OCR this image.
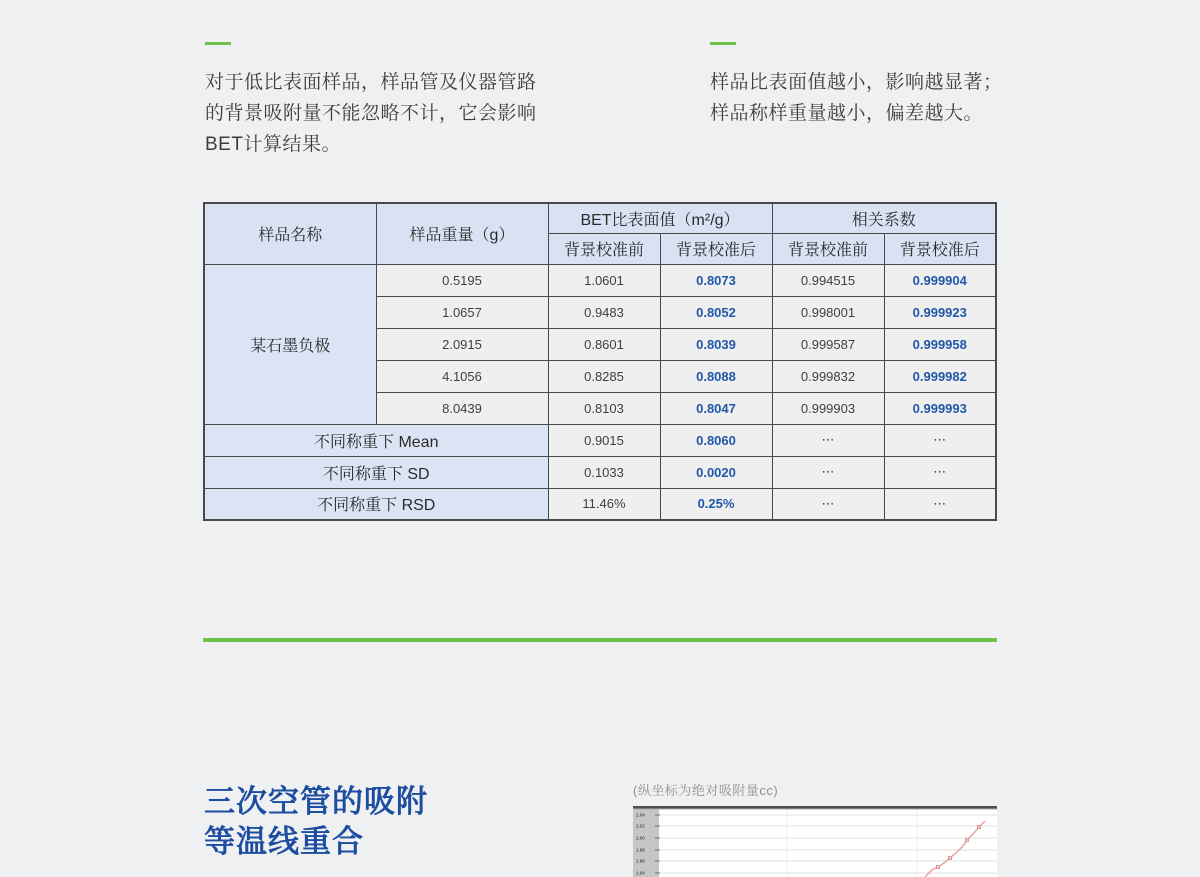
对于低比表面样品，样品管及仪器管路

的背景吸附量不能忽略不计，它会影响

BET计算结果。

样品比表面值越小，影响越显著；

样品称样重量越小，偏差越大。

样品名称	样品重量（g）	BET比表面值（m²/g）		相关系数	
		背景校准前	背景校准后	背景校准前	背景校准后
某石墨负极	0.5195	1.0601	0.8073	0.994515	0.999904
	1.0657	0.9483	0.8052	0.998001	0.999923
	2.0915	0.8601	0.8039	0.999587	0.999958
	4.1056	0.8285	0.8088	0.999832	0.999982
	8.0439	0.8103	0.8047	0.999903	0.999993
不同称重下 Mean		0.9015	0.8060	⋯	⋯
不同称重下 SD		0.1033	0.0020	⋯	⋯
不同称重下 RSD		11.46%	0.25%	⋯	⋯
三次空管的吸附
等温线重合
(纵坐标为绝对吸附量cc)
2.04
2.02
2.00
1.98
1.96
1.94
